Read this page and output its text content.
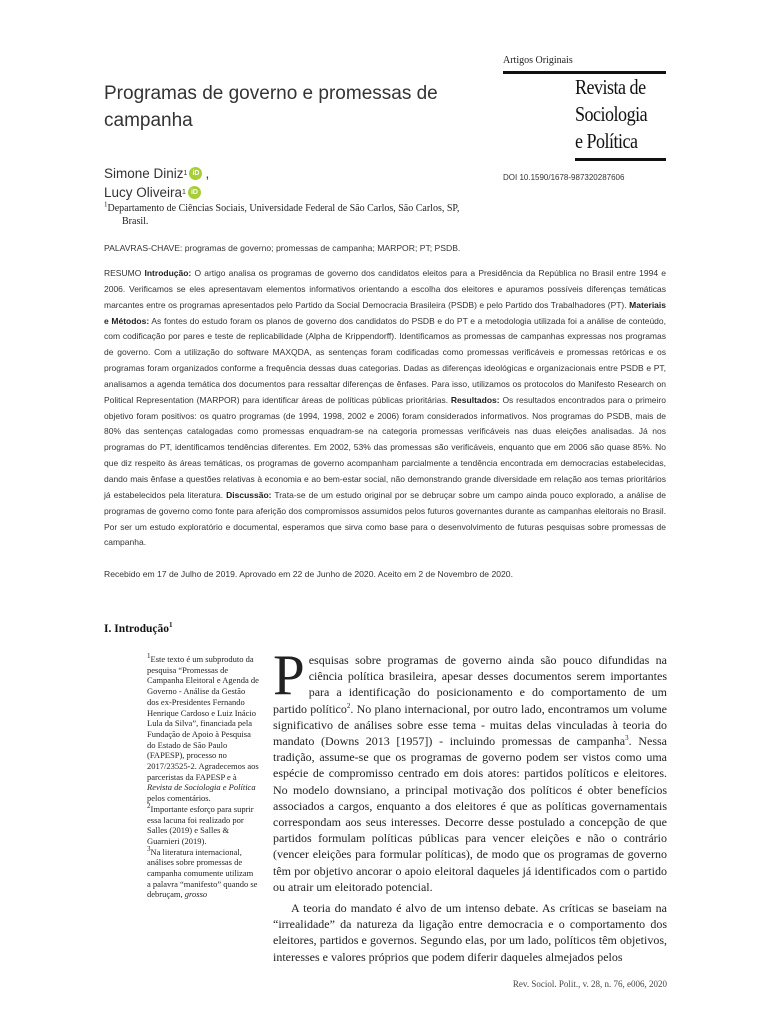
Artigos Originais
Revista de
Sociologia
e Política
Programas de governo e promessas de campanha
Simone Diniz 1 iD ,
Lucy Oliveira 1 iD
DOI 10.1590/1678-987320287606
$^1$Departamento de Ciências Sociais, Universidade Federal de São Carlos, São Carlos, SP,
Brasil.
PALAVRAS-CHAVE: programas de governo; promessas de campanha; MARPOR; PT; PSDB.
RESUMO Introdução: O artigo analisa os programas de governo dos candidatos eleitos para a Presidência da República no Brasil entre 1994 e 2006. Verificamos se eles apresentavam elementos informativos orientando a escolha dos eleitores e apuramos possíveis diferenças temáticas marcantes entre os programas apresentados pelo Partido da Social Democracia Brasileira (PSDB) e pelo Partido dos Trabalhadores (PT). Materiais e Métodos: As fontes do estudo foram os planos de governo dos candidatos do PSDB e do PT e a metodologia utilizada foi a análise de conteúdo, com codificação por pares e teste de replicabilidade (Alpha de Krippendorff). Identificamos as promessas de campanhas expressas nos programas de governo. Com a utilização do software MAXQDA, as sentenças foram codificadas como promessas verificáveis e promessas retóricas e os programas foram organizados conforme a frequência dessas duas categorias. Dadas as diferenças ideológicas e organizacionais entre PSDB e PT, analisamos a agenda temática dos documentos para ressaltar diferenças de ênfases. Para isso, utilizamos os protocolos do Manifesto Research on Political Representation (MARPOR) para identificar áreas de políticas públicas prioritárias. Resultados: Os resultados encontrados para o primeiro objetivo foram positivos: os quatro programas (de 1994, 1998, 2002 e 2006) foram considerados informativos. Nos programas do PSDB, mais de 80% das sentenças catalogadas como promessas enquadram-se na categoria promessas verificáveis nas duas eleições analisadas. Já nos programas do PT, identificamos tendências diferentes. Em 2002, 53% das promessas são verificáveis, enquanto que em 2006 são quase 85%. No que diz respeito às áreas temáticas, os programas de governo acompanham parcialmente a tendência encontrada em democracias estabelecidas, dando mais ênfase a questões relativas à economia e ao bem-estar social, não demonstrando grande diversidade em relação aos temas prioritários já estabelecidos pela literatura. Discussão: Trata-se de um estudo original por se debruçar sobre um campo ainda pouco explorado, a análise de programas de governo como fonte para aferição dos compromissos assumidos pelos futuros governantes durante as campanhas eleitorais no Brasil. Por ser um estudo exploratório e documental, esperamos que sirva como base para o desenvolvimento de futuras pesquisas sobre promessas de campanha.
Recebido em 17 de Julho de 2019. Aprovado em 22 de Junho de 2020. Aceito em 2 de Novembro de 2020.
I. Introdução$^1$

$^1$Este texto é um subproduto da pesquisa “Promessas de Campanha Eleitoral e Agenda de Governo - Análise da Gestão dos ex-Presidentes Fernando Henrique Cardoso e Luiz Inácio Lula da Silva”, financiada pela Fundação de Apoio à Pesquisa do Estado de São Paulo (FAPESP), processo no 2017/23525-2. Agradecemos aos parceristas da FAPESP e à Revista de Sociologia e Política pelos comentários.

$^2$Importante esforço para suprir essa lacuna foi realizado por Salles (2019) e Salles & Guarnieri (2019).

$^3$Na literatura internacional, análises sobre promessas de campanha comumente utilizam a palavra “manifesto” quando se debruçam, grosso

Pesquisas sobre programas de governo ainda são pouco difundidas na ciência política brasileira, apesar desses documentos serem importantes para a identificação do posicionamento e do comportamento de um partido político$^2$. No plano internacional, por outro lado, encontramos um volume significativo de análises sobre esse tema - muitas delas vinculadas à teoria do mandato (Downs 2013 [1957]) - incluindo promessas de campanha$^3$. Nessa tradição, assume-se que os programas de governo podem ser vistos como uma espécie de compromisso centrado em dois atores: partidos políticos e eleitores. No modelo downsiano, a principal motivação dos políticos é obter benefícios associados a cargos, enquanto a dos eleitores é que as políticas governamentais correspondam aos seus interesses. Decorre desse postulado a concepção de que partidos formulam políticas públicas para vencer eleições e não o contrário (vencer eleições para formular políticas), de modo que os programas de governo têm por objetivo ancorar o apoio eleitoral daqueles já identificados com o partido ou atrair um eleitorado potencial.

A teoria do mandato é alvo de um intenso debate. As críticas se baseiam na “irrealidade” da natureza da ligação entre democracia e o comportamento dos eleitores, partidos e governos. Segundo elas, por um lado, políticos têm objetivos, interesses e valores próprios que podem diferir daqueles almejados pelos

Rev. Sociol. Polit., v. 28, n. 76, e006, 2020
